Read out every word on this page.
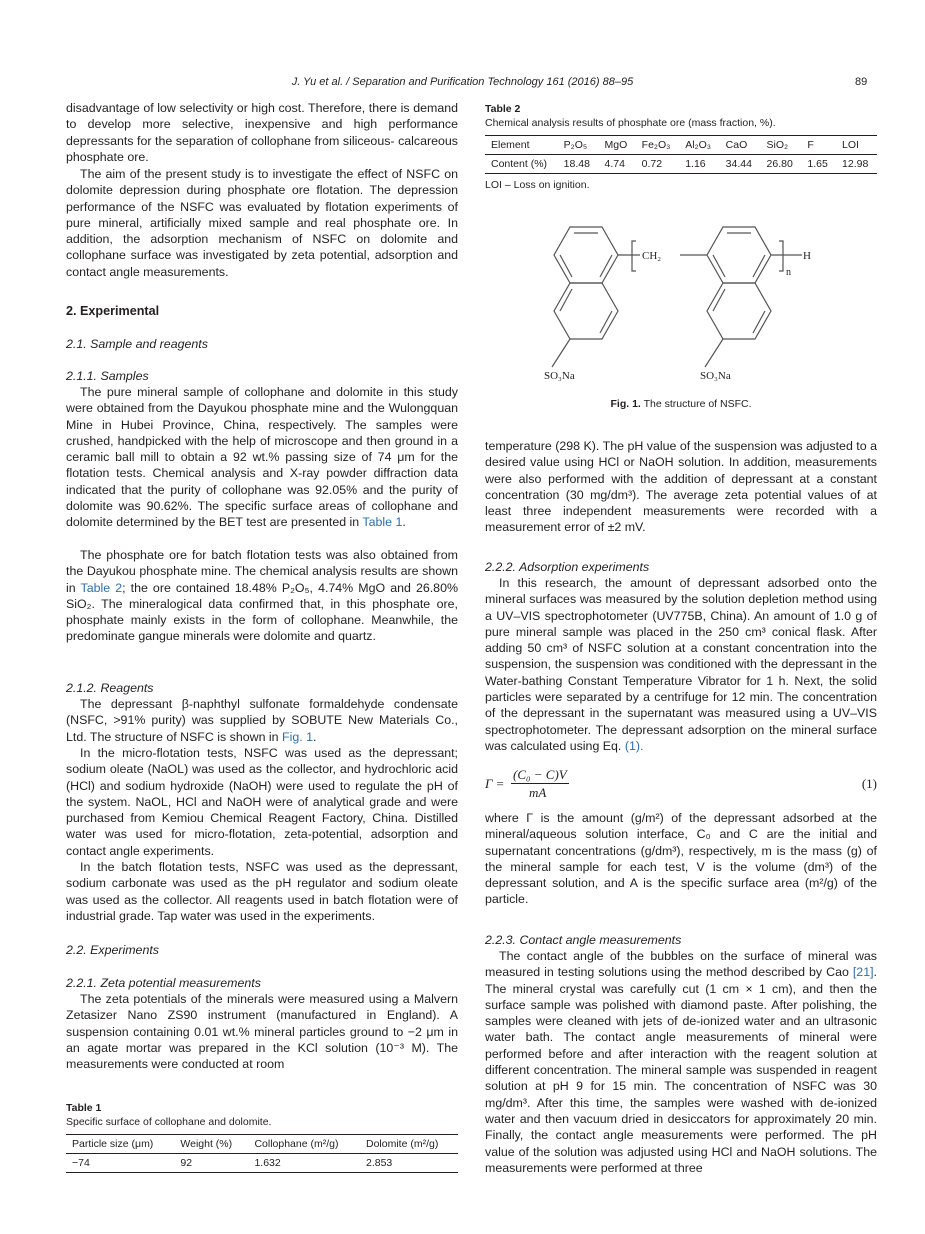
J. Yu et al. / Separation and Purification Technology 161 (2016) 88–95	89

disadvantage of low selectivity or high cost. Therefore, there is demand to develop more selective, inexpensive and high performance depressants for the separation of collophane from siliceous- calcareous phosphate ore.

The aim of the present study is to investigate the effect of NSFC on dolomite depression during phosphate ore flotation. The depression performance of the NSFC was evaluated by flotation experiments of pure mineral, artificially mixed sample and real phosphate ore. In addition, the adsorption mechanism of NSFC on dolomite and collophane surface was investigated by zeta potential, adsorption and contact angle measurements.

2. Experimental
2.1. Sample and reagents
2.1.1. Samples

The pure mineral sample of collophane and dolomite in this study were obtained from the Dayukou phosphate mine and the Wulongquan Mine in Hubei Province, China, respectively. The samples were crushed, handpicked with the help of microscope and then ground in a ceramic ball mill to obtain a 92 wt.% passing size of 74 μm for the flotation tests. Chemical analysis and X-ray powder diffraction data indicated that the purity of collophane was 92.05% and the purity of dolomite was 90.62%. The specific surface areas of collophane and dolomite determined by the BET test are presented in Table 1.

The phosphate ore for batch flotation tests was also obtained from the Dayukou phosphate mine. The chemical analysis results are shown in Table 2; the ore contained 18.48% P₂O₅, 4.74% MgO and 26.80% SiO₂. The mineralogical data confirmed that, in this phosphate ore, phosphate mainly exists in the form of collophane. Meanwhile, the predominate gangue minerals were dolomite and quartz.

2.1.2. Reagents

The depressant β-naphthyl sulfonate formaldehyde condensate (NSFC, >91% purity) was supplied by SOBUTE New Materials Co., Ltd. The structure of NSFC is shown in Fig. 1.

In the micro-flotation tests, NSFC was used as the depressant; sodium oleate (NaOL) was used as the collector, and hydrochloric acid (HCl) and sodium hydroxide (NaOH) were used to regulate the pH of the system. NaOL, HCl and NaOH were of analytical grade and were purchased from Kemiou Chemical Reagent Factory, China. Distilled water was used for micro-flotation, zeta-potential, adsorption and contact angle experiments.

In the batch flotation tests, NSFC was used as the depressant, sodium carbonate was used as the pH regulator and sodium oleate was used as the collector. All reagents used in batch flotation were of industrial grade. Tap water was used in the experiments.

2.2. Experiments
2.2.1. Zeta potential measurements

The zeta potentials of the minerals were measured using a Malvern Zetasizer Nano ZS90 instrument (manufactured in England). A suspension containing 0.01 wt.% mineral particles ground to −2 μm in an agate mortar was prepared in the KCl solution (10⁻³ M). The measurements were conducted at room

Table 1
Specific surface of collophane and dolomite.
Particle size (μm)	Weight (%)	Collophane (m²/g)	Dolomite (m²/g)
−74	92	1.632	2.853
Table 2
Chemical analysis results of phosphate ore (mass fraction, %).
Element	P₂O₅	MgO	Fe₂O₃	Al₂O₃	CaO	SiO₂	F	LOI
Content (%)	18.48	4.74	0.72	1.16	34.44	26.80	1.65	12.98
LOI – Loss on ignition.
CH₂	H
n
SO₃Na	SO₃Na
Fig. 1. The structure of NSFC.

temperature (298 K). The pH value of the suspension was adjusted to a desired value using HCl or NaOH solution. In addition, measurements were also performed with the addition of depressant at a constant concentration (30 mg/dm³). The average zeta potential values of at least three independent measurements were recorded with a measurement error of ±2 mV.

2.2.2. Adsorption experiments

In this research, the amount of depressant adsorbed onto the mineral surfaces was measured by the solution depletion method using a UV–VIS spectrophotometer (UV775B, China). An amount of 1.0 g of pure mineral sample was placed in the 250 cm³ conical flask. After adding 50 cm³ of NSFC solution at a constant concentration into the suspension, the suspension was conditioned with the depressant in the Water-bathing Constant Temperature Vibrator for 1 h. Next, the solid particles were separated by a centrifuge for 12 min. The concentration of the depressant in the supernatant was measured using a UV–VIS spectrophotometer. The depressant adsorption on the mineral surface was calculated using Eq. (1).

Γ =
(C₀ − C)V
mA
(1)

where Γ is the amount (g/m²) of the depressant adsorbed at the mineral/aqueous solution interface, C₀ and C are the initial and supernatant concentrations (g/dm³), respectively, m is the mass (g) of the mineral sample for each test, V is the volume (dm³) of the depressant solution, and A is the specific surface area (m²/g) of the particle.

2.2.3. Contact angle measurements

The contact angle of the bubbles on the surface of mineral was measured in testing solutions using the method described by Cao [21]. The mineral crystal was carefully cut (1 cm × 1 cm), and then the surface sample was polished with diamond paste. After polishing, the samples were cleaned with jets of de-ionized water and an ultrasonic water bath. The contact angle measurements of mineral were performed before and after interaction with the reagent solution at different concentration. The mineral sample was suspended in reagent solution at pH 9 for 15 min. The concentration of NSFC was 30 mg/dm³. After this time, the samples were washed with de-ionized water and then vacuum dried in desiccators for approximately 20 min. Finally, the contact angle measurements were performed. The pH value of the solution was adjusted using HCl and NaOH solutions. The measurements were performed at three
